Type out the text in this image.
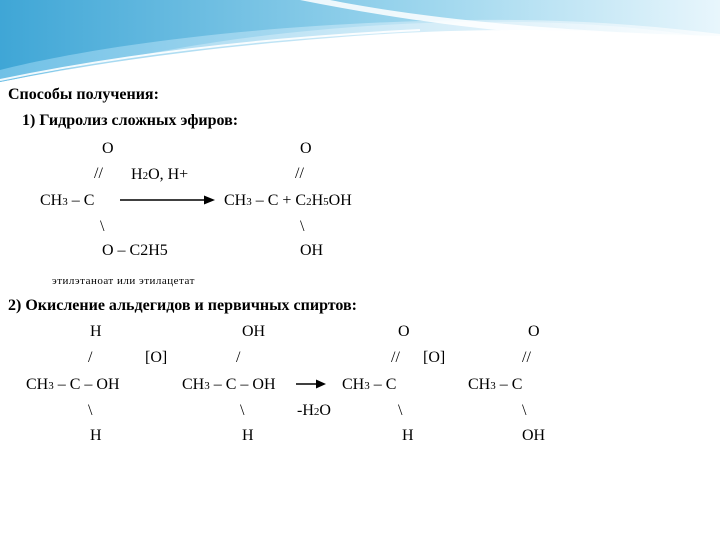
Способы получения:
1) Гидролиз сложных эфиров:
O
//
CH3 – C
\
O – C2H5
H2O, H+
O
//
CH3 – C + C2H5OH
\
OH
этилэтаноат или этилацетат
2) Окисление альдегидов и первичных спиртов:
H
/
CH3 – C – OH
\
H
[O]
OH
/
CH3 – C – OH
\
H
-H2O
O
//
CH3 – C
\
H
[O]
O
//
CH3 – C
\
OH
